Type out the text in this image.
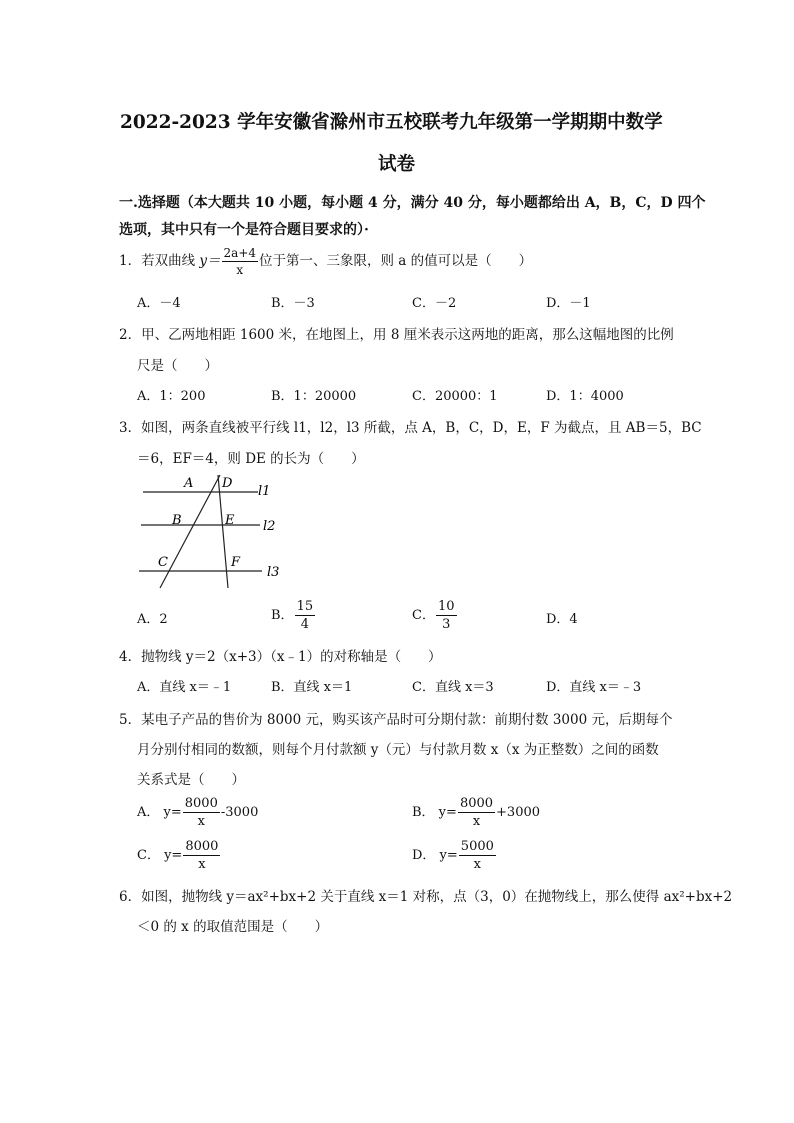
2022-2023 学年安徽省滁州市五校联考九年级第一学期期中数学
试卷
一.选择题（本大题共 10 小题，每小题 4 分，满分 40 分，每小题都给出 A，B，C，D 四个
选项，其中只有一个是符合题目要求的）·
1．若双曲线 $y= \frac{2a+4}{x}$ 位于第一、三象限，则 a 的值可以是（　　）
A．－4	B．－3	C．－2	D．－1
2．甲、乙两地相距 1600 米，在地图上，用 8 厘米表示这两地的距离，那么这幅地图的比例
尺是（　　）
A．1：200	B．1：20000	C．20000：1	D．1：4000
3．如图，两条直线被平行线 l1，l2，l3 所截，点 A，B，C，D，E，F 为截点，且 AB＝5，BC
＝6，EF＝4，则 DE 的长为（　　）
A D
B	E
C	F
l1
l2
l3
A．2	B． $\frac{15}{4}$	C． $\frac{10}{3}$	D．4
4．抛物线 y＝2（x+3）（x﹣1）的对称轴是（　　）
A．直线 x＝﹣1	B．直线 x＝1	C．直线 x＝3	D．直线 x＝﹣3
5．某电子产品的售价为 8000 元，购买该产品时可分期付款：前期付数 3000 元，后期每个
月分别付相同的数额，则每个月付款额 y（元）与付款月数 x（x 为正整数）之间的函数
关系式是（　　）
A． $y= \frac{8000}{x} -3000$	B． $y= \frac{8000}{x} +3000$
C． $y= \frac{8000}{x}$	D． $y= \frac{5000}{x}$
6．如图，抛物线 y＝ax²+bx+2 关于直线 x＝1 对称，点（3，0）在抛物线上，那么使得 ax²+bx+2
＜0 的 x 的取值范围是（　　）
